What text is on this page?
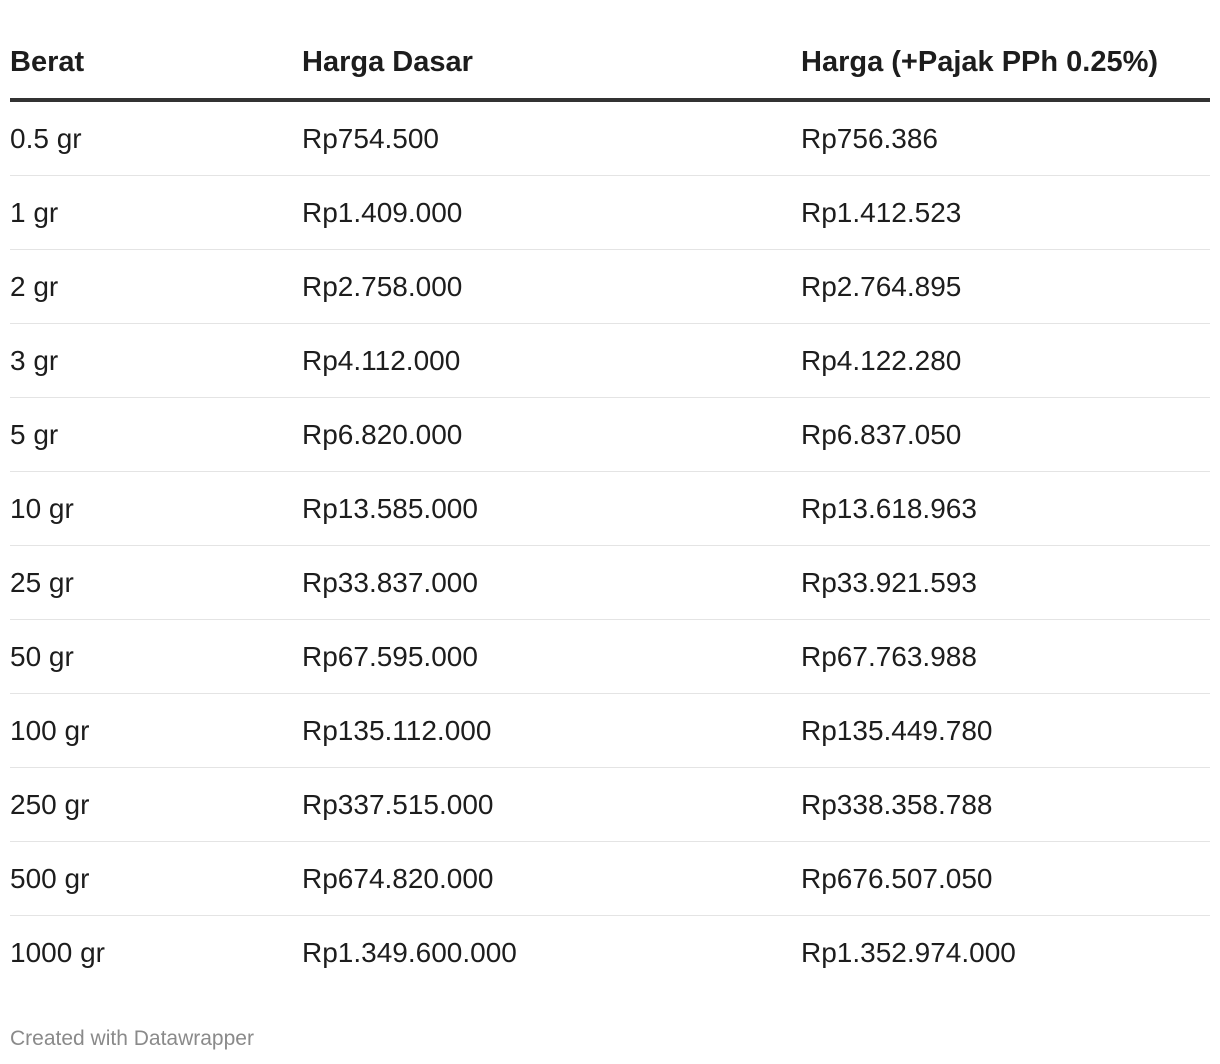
Berat	Harga Dasar	Harga (+Pajak PPh 0.25%)
0.5 gr	Rp754.500	Rp756.386
1 gr	Rp1.409.000	Rp1.412.523
2 gr	Rp2.758.000	Rp2.764.895
3 gr	Rp4.112.000	Rp4.122.280
5 gr	Rp6.820.000	Rp6.837.050
10 gr	Rp13.585.000	Rp13.618.963
25 gr	Rp33.837.000	Rp33.921.593
50 gr	Rp67.595.000	Rp67.763.988
100 gr	Rp135.112.000	Rp135.449.780
250 gr	Rp337.515.000	Rp338.358.788
500 gr	Rp674.820.000	Rp676.507.050
1000 gr	Rp1.349.600.000	Rp1.352.974.000
Created with Datawrapper
